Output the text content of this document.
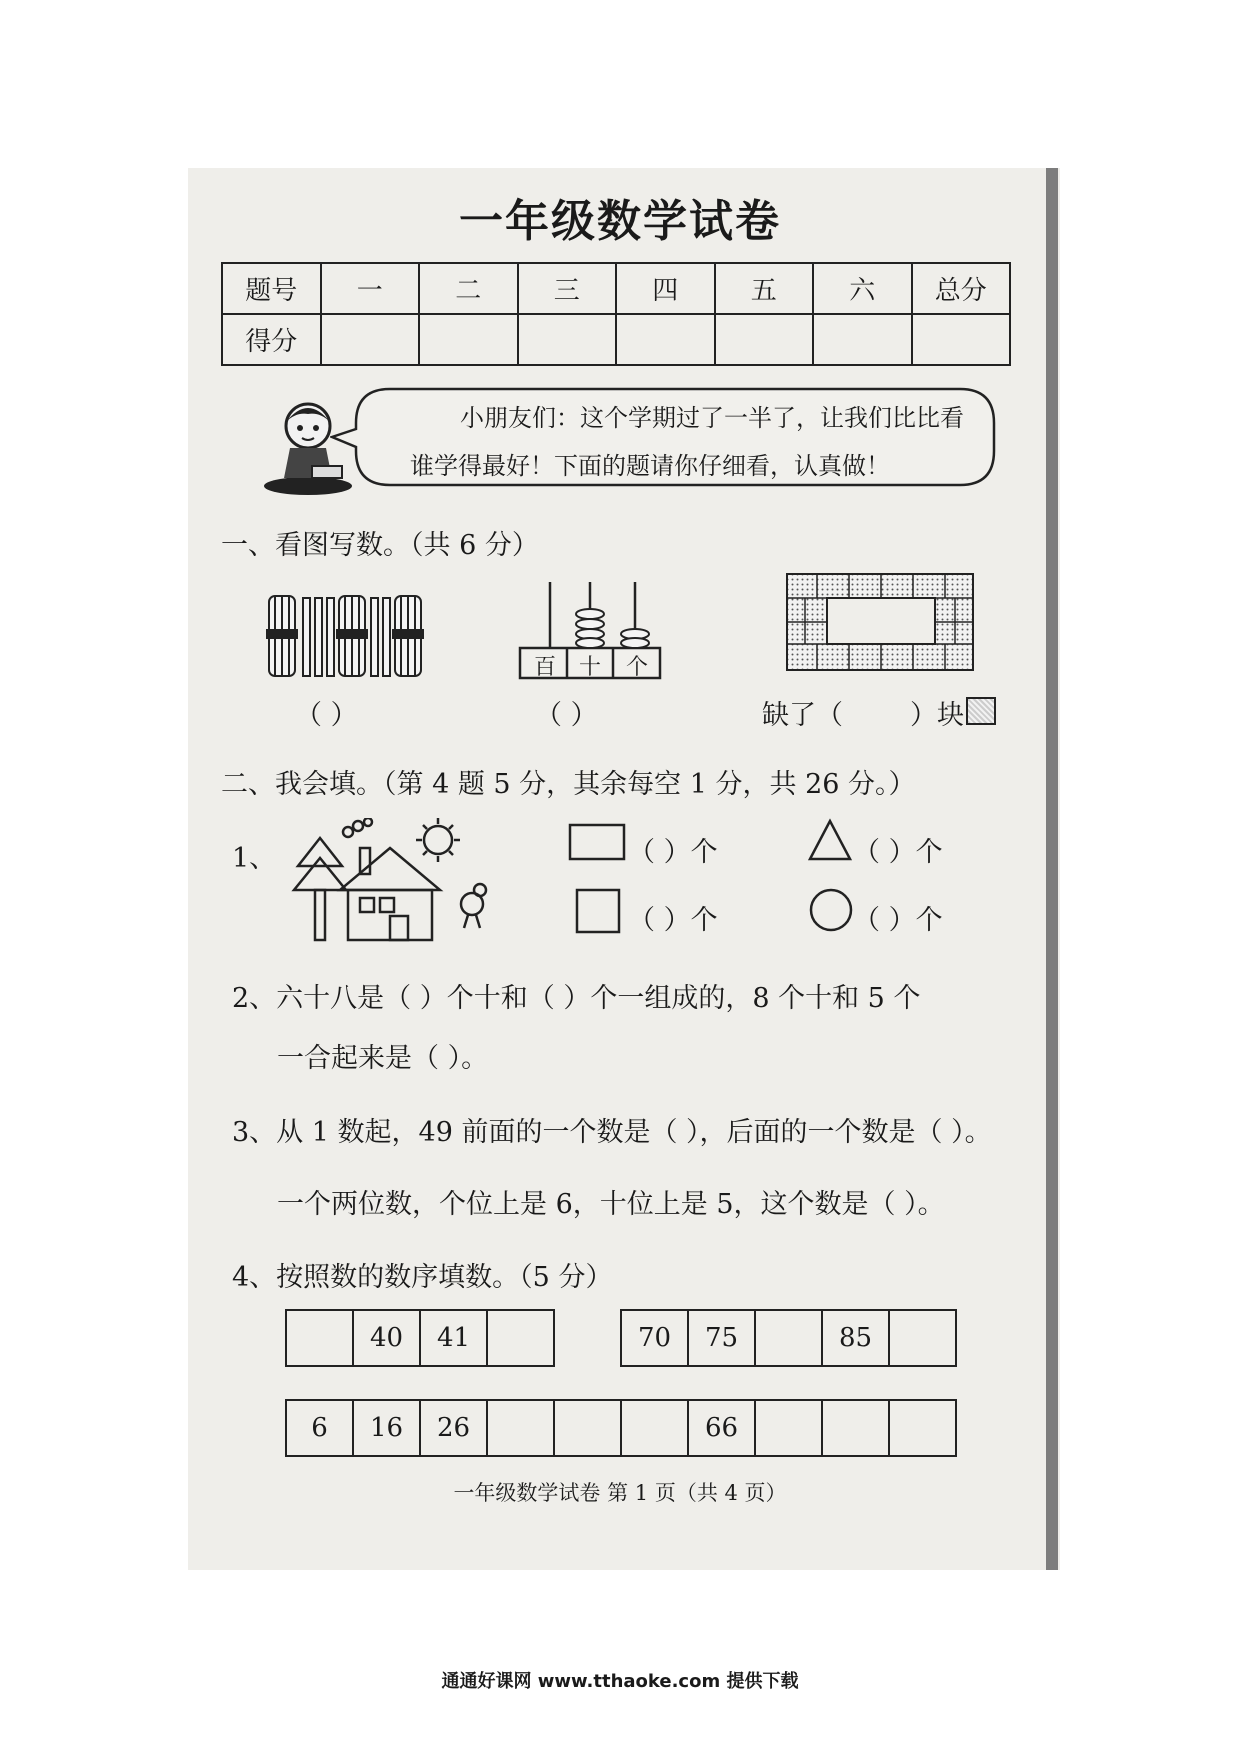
一年级数学试卷
题号	一	二	三	四	五	六	总分
得分							
小朋友们：这个学期过了一半了，让我们比比看
谁学得最好！下面的题请你仔细看，认真做！
一、看图写数。（共 6 分）
百	十	个
（ ）	（ ）	缺了（ ）块
二、我会填。（第 4 题 5 分，其余每空 1 分，共 26 分。）
1、	（ ）个	（ ）个
（ ）个	（ ）个
2、六十八是（ ）个十和（ ）个一组成的，8 个十和 5 个
一合起来是（ ）。
3、从 1 数起，49 前面的一个数是（ ），后面的一个数是（ ）。
一个两位数，个位上是 6，十位上是 5，这个数是（ ）。
4、按照数的数序填数。（5 分）
	40	41		70	75		85	
6	16	26				66			
一年级数学试卷 第 1 页（共 4 页）
通通好课网 www.tthaoke.com 提供下载
